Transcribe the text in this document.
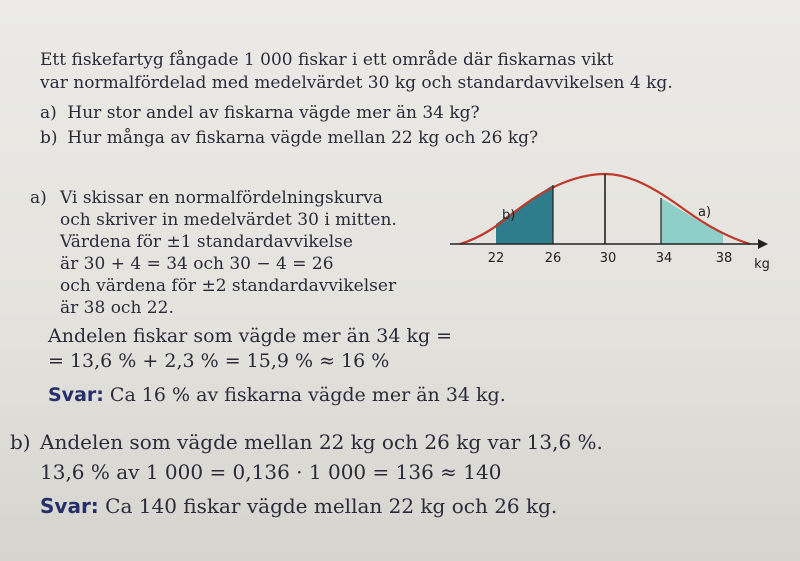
Ett fiskefartyg fångade 1 000 fiskar i ett område där fiskarnas vikt
var normalfördelad med medelvärdet 30 kg och standardavvikelsen 4 kg.
a) Hur stor andel av fiskarna vägde mer än 34 kg?
b) Hur många av fiskarna vägde mellan 22 kg och 26 kg?
a) Vi skissar en normalfördelningskurva
och skriver in medelvärdet 30 i mitten.
Värdena för ±1 standardavvikelse
är 30 + 4 = 34 och 30 − 4 = 26
och värdena för ±2 standardavvikelser
är 38 och 22.
Andelen fiskar som vägde mer än 34 kg =
= 13,6 % + 2,3 % = 15,9 % ≈ 16 %
Svar: Ca 16 % av fiskarna vägde mer än 34 kg.
b) Andelen som vägde mellan 22 kg och 26 kg var 13,6 %.
13,6 % av 1 000 = 0,136 · 1 000 = 136 ≈ 140
Svar: Ca 140 fiskar vägde mellan 22 kg och 26 kg.
22	26	30	34	38 kg
b)	a)
